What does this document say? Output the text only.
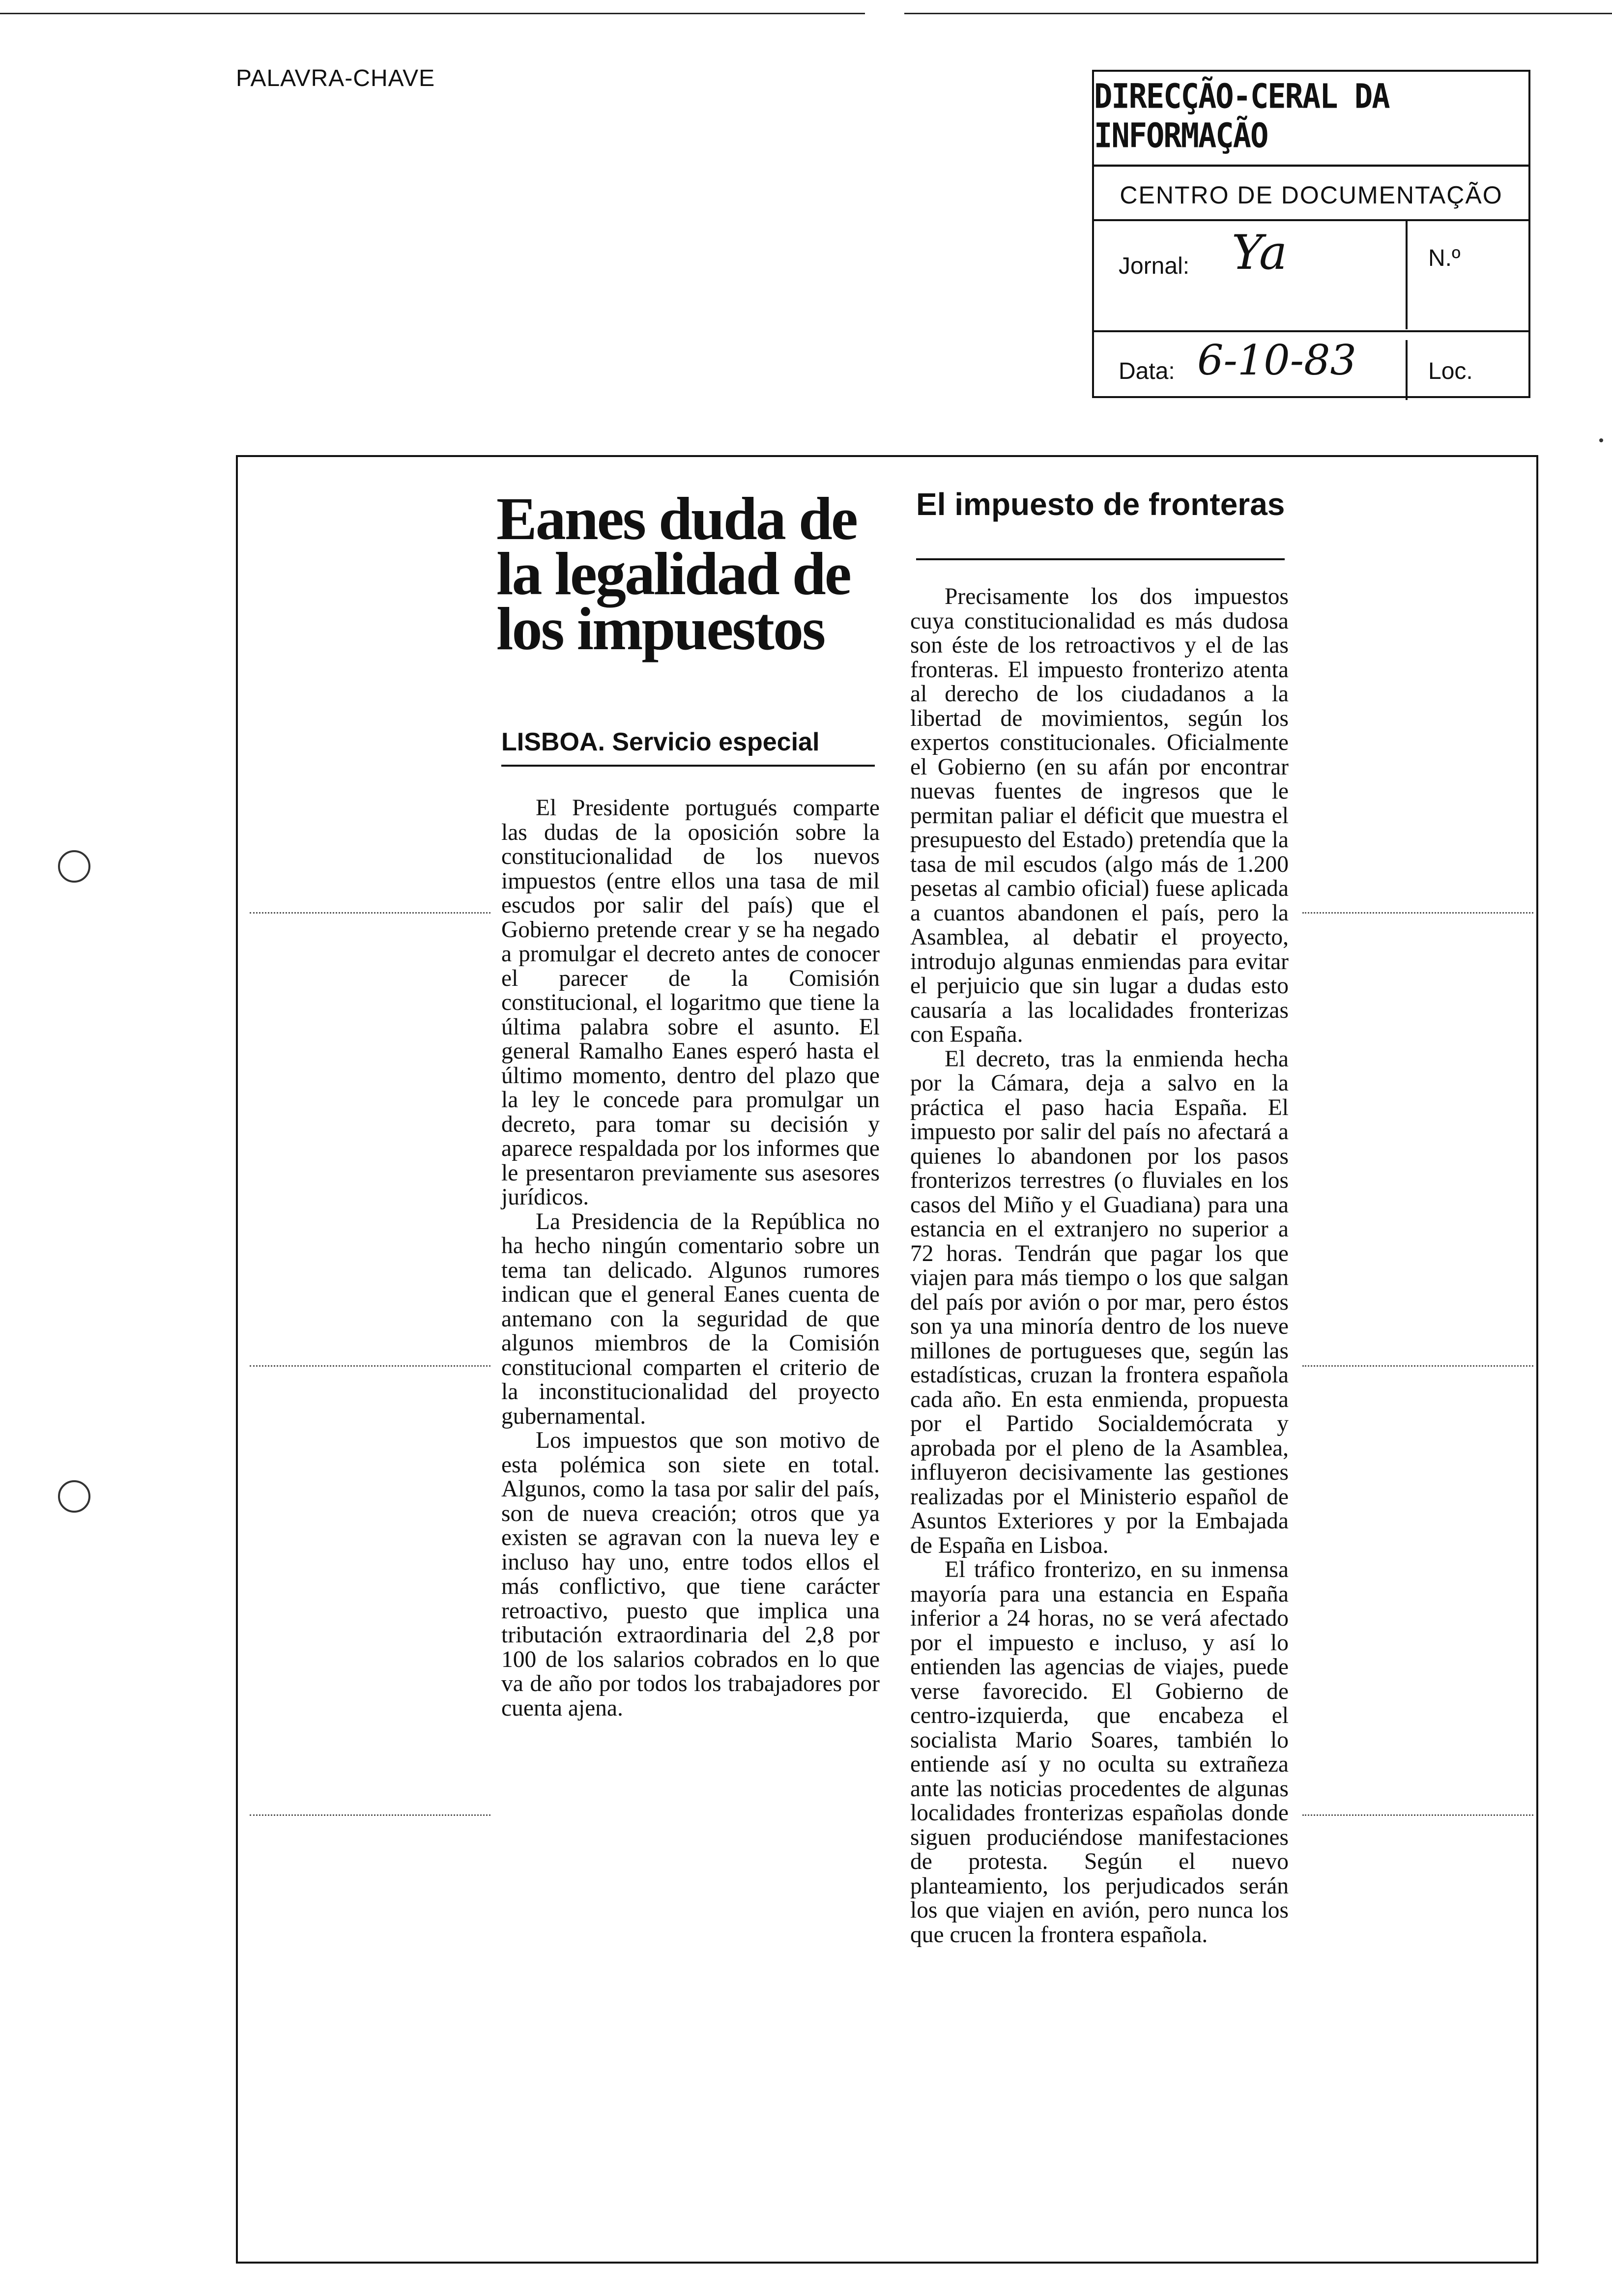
PALAVRA-CHAVE	DIRECÇÃO-CERAL DA INFORMAÇÃO
CENTRO DE DOCUMENTAÇÃO
Jornal: Ya	N.º
Data: 6-10-83	Loc.
Eanes duda de la legalidad de los impuestos
LISBOA. Servicio especial

El Presidente portugués comparte las dudas de la oposición sobre la constitucionalidad de los nuevos impuestos (entre ellos una tasa de mil escudos por salir del país) que el Gobierno pretende crear y se ha negado a promulgar el decreto antes de conocer el parecer de la Comisión constitucional, el logaritmo que tiene la última palabra sobre el asunto. El general Ramalho Eanes esperó hasta el último momento, dentro del plazo que la ley le concede para promulgar un decreto, para tomar su decisión y aparece respaldada por los informes que le presentaron previamente sus asesores jurídicos.

La Presidencia de la República no ha hecho ningún comentario sobre un tema tan delicado. Algunos rumores indican que el general Eanes cuenta de antemano con la seguridad de que algunos miembros de la Comisión constitucional comparten el criterio de la inconstitucionalidad del proyecto gubernamental.

Los impuestos que son motivo de esta polémica son siete en total. Algunos, como la tasa por salir del país, son de nueva creación; otros que ya existen se agravan con la nueva ley e incluso hay uno, entre todos ellos el más conflictivo, que tiene carácter retroactivo, puesto que implica una tributación extraordinaria del 2,8 por 100 de los salarios cobrados en lo que va de año por todos los trabajadores por cuenta ajena.

El impuesto de fronteras

Precisamente los dos impuestos cuya constitucionalidad es más dudosa son éste de los retroactivos y el de las fronteras. El impuesto fronterizo atenta al derecho de los ciudadanos a la libertad de movimientos, según los expertos constitucionales. Oficialmente el Gobierno (en su afán por encontrar nuevas fuentes de ingresos que le permitan paliar el déficit que muestra el presupuesto del Estado) pretendía que la tasa de mil escudos (algo más de 1.200 pesetas al cambio oficial) fuese aplicada a cuantos abandonen el país, pero la Asamblea, al debatir el proyecto, introdujo algunas enmiendas para evitar el perjuicio que sin lugar a dudas esto causaría a las localidades fronterizas con España.

El decreto, tras la enmienda hecha por la Cámara, deja a salvo en la práctica el paso hacia España. El impuesto por salir del país no afectará a quienes lo abandonen por los pasos fronterizos terrestres (o fluviales en los casos del Miño y el Guadiana) para una estancia en el extranjero no superior a 72 horas. Tendrán que pagar los que viajen para más tiempo o los que salgan del país por avión o por mar, pero éstos son ya una minoría dentro de los nueve millones de portugueses que, según las estadísticas, cruzan la frontera española cada año. En esta enmienda, propuesta por el Partido Socialdemócrata y aprobada por el pleno de la Asamblea, influyeron decisivamente las gestiones realizadas por el Ministerio español de Asuntos Exteriores y por la Embajada de España en Lisboa.

El tráfico fronterizo, en su inmensa mayoría para una estancia en España inferior a 24 horas, no se verá afectado por el impuesto e incluso, y así lo entienden las agencias de viajes, puede verse favorecido. El Gobierno de centro-izquierda, que encabeza el socialista Mario Soares, también lo entiende así y no oculta su extrañeza ante las noticias procedentes de algunas localidades fronterizas españolas donde siguen produciéndose manifestaciones de protesta. Según el nuevo planteamiento, los perjudicados serán los que viajen en avión, pero nunca los que crucen la frontera española.
